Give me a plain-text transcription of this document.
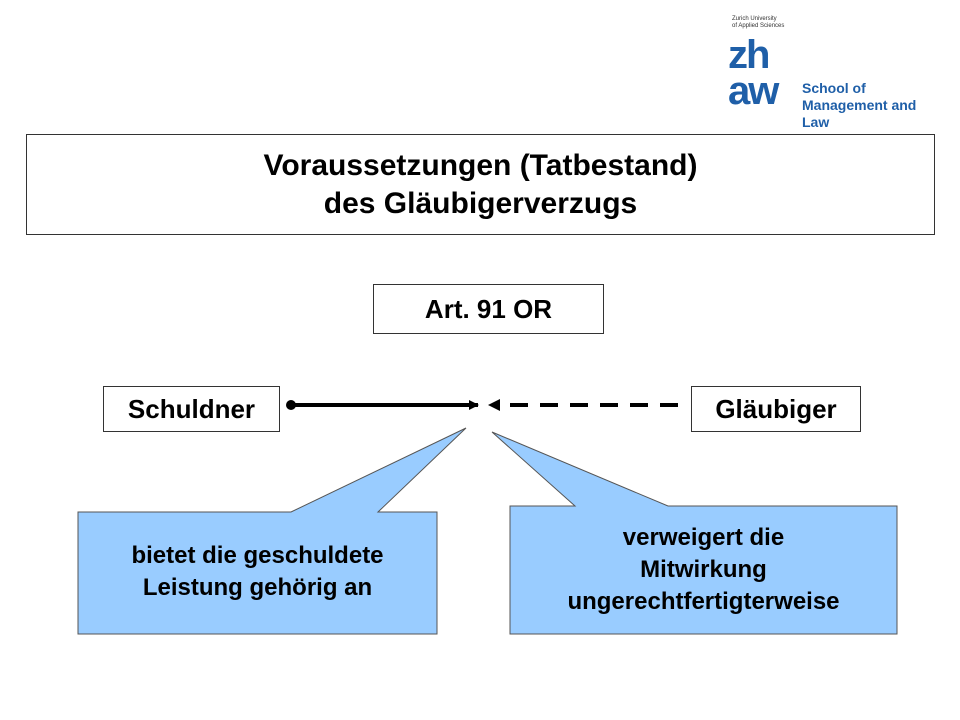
Zurich University
of Applied Sciences
zh
aw School of
Management and Law
Voraussetzungen (Tatbestand)
des Gläubigerverzugs
Art. 91 OR
Schuldner	Gläubiger
bietet die geschuldete
Leistung gehörig an
verweigert die
Mitwirkung
ungerechtfertigterweise
